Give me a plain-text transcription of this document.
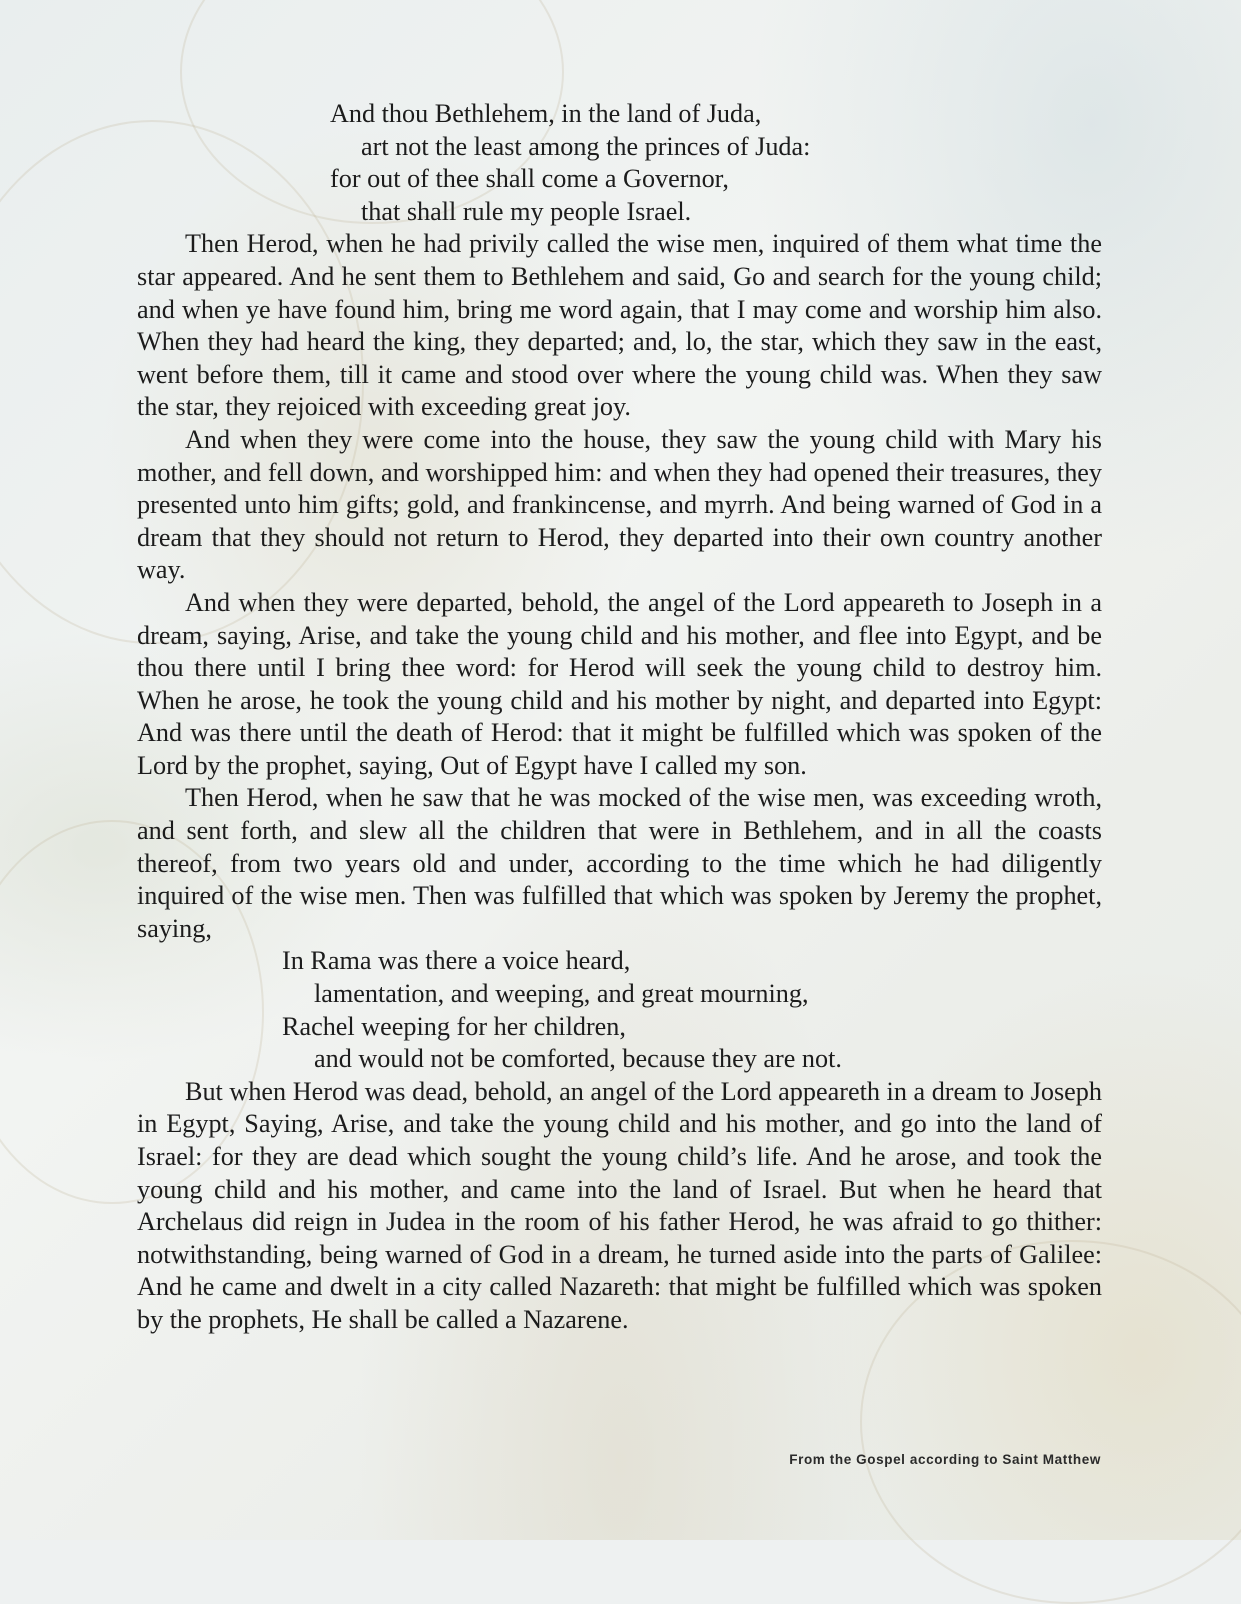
And thou Bethlehem, in the land of Juda,
art not the least among the princes of Juda:
for out of thee shall come a Governor,
that shall rule my people Israel.

Then Herod, when he had privily called the wise men, inquired of them what time the star appeared. And he sent them to Bethlehem and said, Go and search for the young child; and when ye have found him, bring me word again, that I may come and worship him also. When they had heard the king, they departed; and, lo, the star, which they saw in the east, went before them, till it came and stood over where the young child was. When they saw the star, they rejoiced with exceeding great joy.

And when they were come into the house, they saw the young child with Mary his mother, and fell down, and worshipped him: and when they had opened their treasures, they presented unto him gifts; gold, and frankincense, and myrrh. And being warned of God in a dream that they should not return to Herod, they departed into their own country another way.

And when they were departed, behold, the angel of the Lord appeareth to Joseph in a dream, saying, Arise, and take the young child and his mother, and flee into Egypt, and be thou there until I bring thee word: for Herod will seek the young child to destroy him. When he arose, he took the young child and his mother by night, and departed into Egypt: And was there until the death of Herod: that it might be fulfilled which was spoken of the Lord by the prophet, saying, Out of Egypt have I called my son.

Then Herod, when he saw that he was mocked of the wise men, was exceeding wroth, and sent forth, and slew all the children that were in Bethlehem, and in all the coasts thereof, from two years old and under, according to the time which he had diligently inquired of the wise men. Then was fulfilled that which was spoken by Jeremy the prophet, saying,

In Rama was there a voice heard,
lamentation, and weeping, and great mourning,
Rachel weeping for her children,
and would not be comforted, because they are not.

But when Herod was dead, behold, an angel of the Lord appeareth in a dream to Joseph in Egypt, Saying, Arise, and take the young child and his mother, and go into the land of Israel: for they are dead which sought the young child’s life. And he arose, and took the young child and his mother, and came into the land of Israel. But when he heard that Archelaus did reign in Judea in the room of his father Herod, he was afraid to go thither: notwithstanding, being warned of God in a dream, he turned aside into the parts of Galilee: And he came and dwelt in a city called Nazareth: that might be fulfilled which was spoken by the prophets, He shall be called a Nazarene.

From the Gospel according to Saint Matthew
